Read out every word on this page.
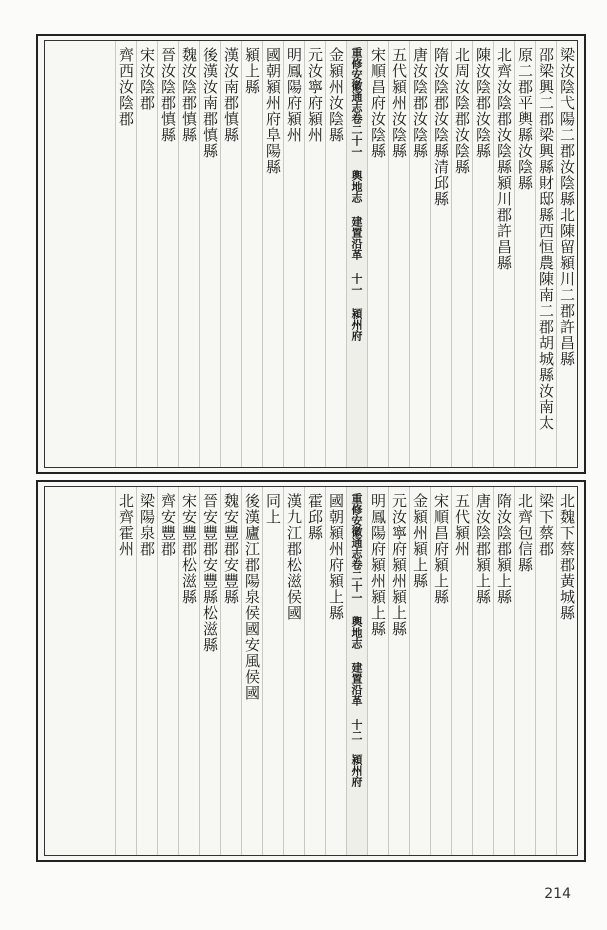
梁汝陰弋陽二郡汝陰縣北陳留潁川二郡許昌縣
邵梁興二郡梁興縣財邸縣西恒農陳南二郡胡城縣汝南太
原二郡平輿縣汝陰縣
北齊汝陰郡汝陰縣潁川郡許昌縣
陳汝陰郡汝陰縣
北周汝陰郡汝陰縣
隋汝陰郡汝陰縣清邱縣
唐汝陰郡汝陰縣
五代潁州汝陰縣
宋順昌府汝陰縣
重修安徽通志卷二十一 輿地志 建置沿革 十一 潁州府
金潁州汝陰縣
元汝寧府潁州
明鳳陽府潁州
國朝潁州府阜陽縣
潁上縣
漢汝南郡慎縣
後漢汝南郡慎縣
魏汝陰郡慎縣
晉汝陰郡慎縣
宋汝陰郡
齊西汝陰郡
北魏下蔡郡黃城縣
梁下蔡郡
北齊包信縣
隋汝陰郡潁上縣
唐汝陰郡潁上縣
五代潁州
宋順昌府潁上縣
金潁州潁上縣
元汝寧府潁州潁上縣
明鳳陽府潁州潁上縣
重修安徽通志卷二十一 輿地志 建置沿革 十二 潁州府
國朝潁州府潁上縣
霍邱縣
漢九江郡松滋侯國
同上
後漢廬江郡陽泉侯國安風侯國
魏安豐郡安豐縣
晉安豐郡安豐縣松滋縣
宋安豐郡松滋縣
齊安豐郡
梁陽泉郡
北齊霍州
214
